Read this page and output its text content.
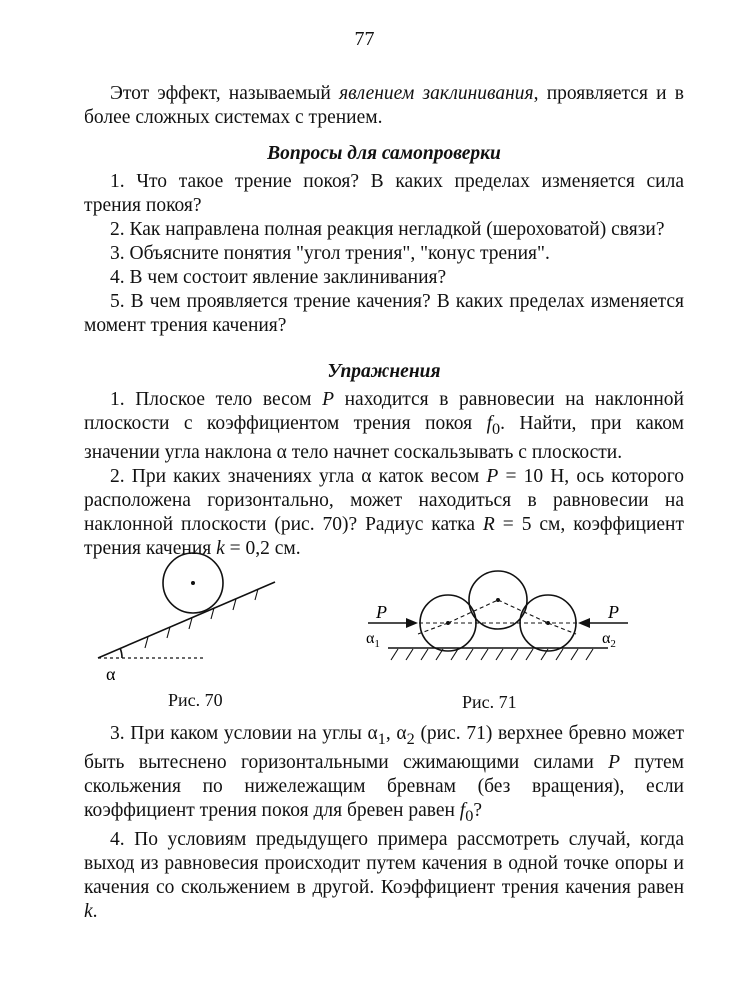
77

Этот эффект, называемый явлением заклинивания, проявляется и в более сложных системах с трением.

Вопросы для самопроверки

1. Что такое трение покоя? В каких пределах изменяется сила трения покоя?

2. Как направлена полная реакция негладкой (шероховатой) связи?

3. Объясните понятия "угол трения", "конус трения".

4. В чем состоит явление заклинивания?

5. В чем проявляется трение качения? В каких пределах изменяется момент трения качения?

Упражнения

1. Плоское тело весом P находится в равновесии на наклонной плоскости с коэффициентом трения покоя $f_0$. Найти, при каком значении угла наклона α тело начнет соскальзывать с плоскости.

2. При каких значениях угла α каток весом P = 10 Н, ось которого расположена горизонтально, может находиться в равновесии на наклонной плоскости (рис. 70)? Радиус катка R = 5 см, коэффициент трения качения k = 0,2 см.

α
Рис. 70
P	P
$\alpha_1$	$\alpha_2$
Рис. 71

3. При каком условии на углы $\alpha_1$, $\alpha_2$ (рис. 71) верхнее бревно может быть вытеснено горизонтальными сжимающими силами P путем скольжения по нижележащим бревнам (без вращения), если коэффициент трения покоя для бревен равен $f_0$?

4. По условиям предыдущего примера рассмотреть случай, когда выход из равновесия происходит путем качения в одной точке опоры и качения со скольжением в другой. Коэффициент трения качения равен k.
